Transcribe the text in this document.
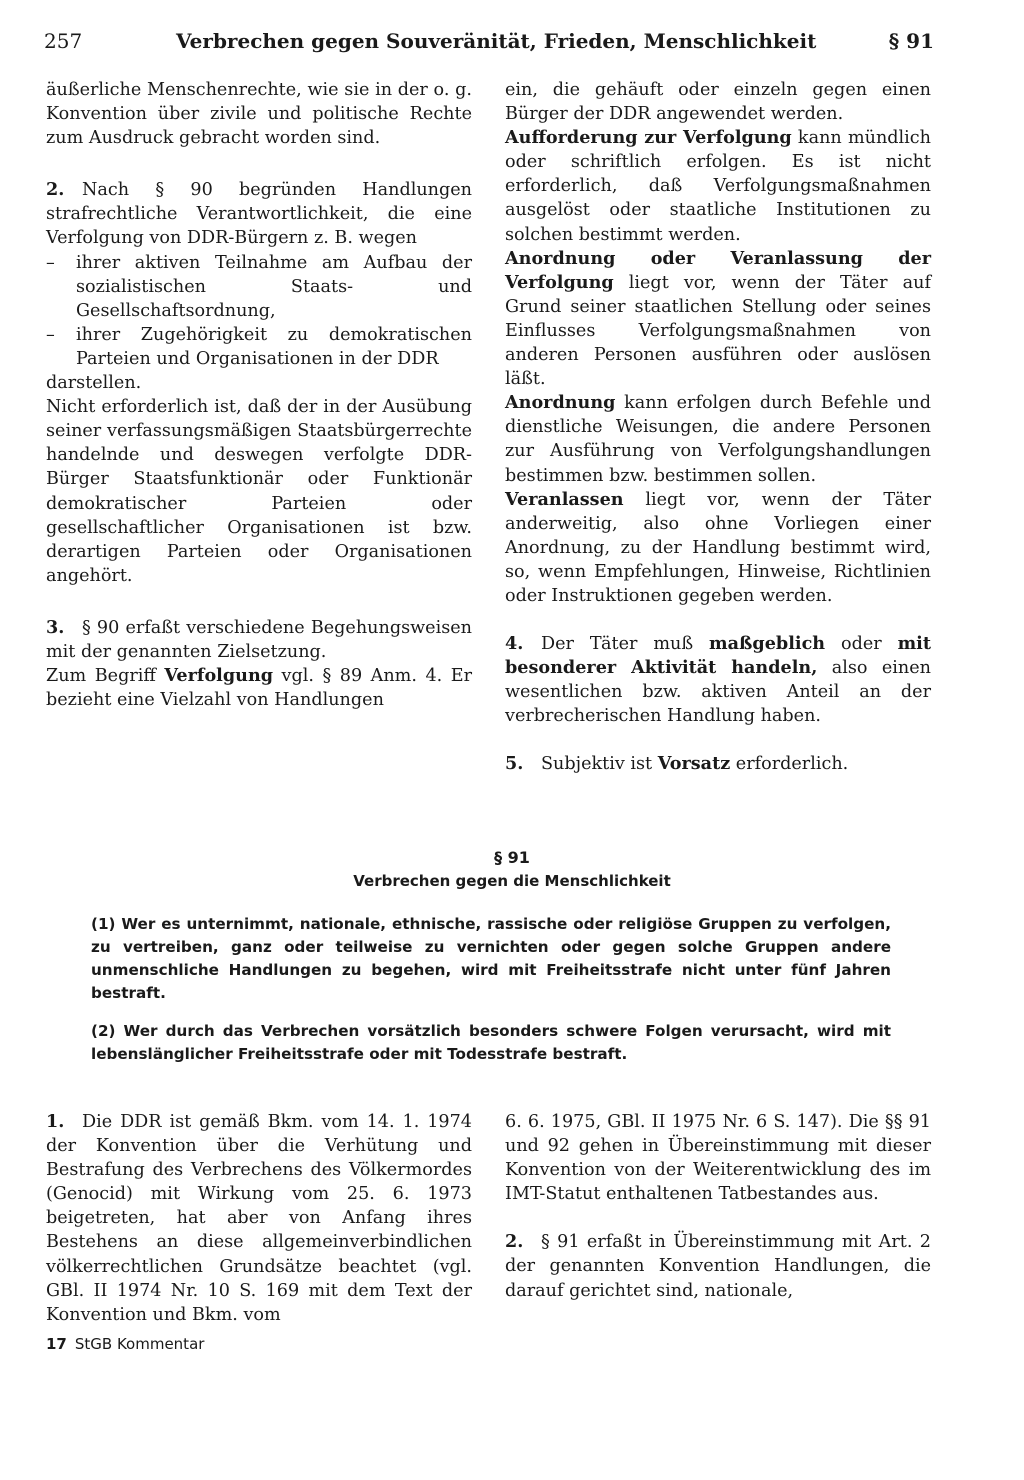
257	Verbrechen gegen Souveränität, Frieden, Menschlichkeit	§ 91

äußerliche Menschenrechte, wie sie in der o. g. Konvention über zivile und politische Rechte zum Ausdruck gebracht worden sind.

2. Nach § 90 begründen Handlungen strafrechtliche Verantwortlichkeit, die eine Verfolgung von DDR-Bürgern z. B. wegen

– ihrer aktiven Teilnahme am Aufbau der sozialistischen Staats- und Gesellschaftsordnung,

– ihrer Zugehörigkeit zu demokratischen Parteien und Organisationen in der DDR

darstellen.

Nicht erforderlich ist, daß der in der Ausübung seiner verfassungsmäßigen Staatsbürgerrechte handelnde und deswegen verfolgte DDR-Bürger Staatsfunktionär oder Funktionär demokratischer Parteien oder gesellschaftlicher Organisationen ist bzw. derartigen Parteien oder Organisationen angehört.

3. § 90 erfaßt verschiedene Begehungsweisen mit der genannten Zielsetzung.

Zum Begriff Verfolgung vgl. § 89 Anm. 4. Er bezieht eine Vielzahl von Handlungen

ein, die gehäuft oder einzeln gegen einen Bürger der DDR angewendet werden.

Aufforderung zur Verfolgung kann mündlich oder schriftlich erfolgen. Es ist nicht erforderlich, daß Verfolgungsmaßnahmen ausgelöst oder staatliche Institutionen zu solchen bestimmt werden.

Anordnung oder Veranlassung der Verfolgung liegt vor, wenn der Täter auf Grund seiner staatlichen Stellung oder seines Einflusses Verfolgungsmaßnahmen von anderen Personen ausführen oder auslösen läßt.

Anordnung kann erfolgen durch Befehle und dienstliche Weisungen, die andere Personen zur Ausführung von Verfolgungshandlungen bestimmen bzw. bestimmen sollen.

Veranlassen liegt vor, wenn der Täter anderweitig, also ohne Vorliegen einer Anordnung, zu der Handlung bestimmt wird, so, wenn Empfehlungen, Hinweise, Richtlinien oder Instruktionen gegeben werden.

4. Der Täter muß maßgeblich oder mit besonderer Aktivität handeln, also einen wesentlichen bzw. aktiven Anteil an der verbrecherischen Handlung haben.

5. Subjektiv ist Vorsatz erforderlich.

§ 91
Verbrechen gegen die Menschlichkeit
(1) Wer es unternimmt, nationale, ethnische, rassische oder religiöse Gruppen zu verfolgen, zu vertreiben, ganz oder teilweise zu vernichten oder gegen solche Gruppen andere unmenschliche Handlungen zu begehen, wird mit Freiheitsstrafe nicht unter fünf Jahren bestraft.
(2) Wer durch das Verbrechen vorsätzlich besonders schwere Folgen verursacht, wird mit lebenslänglicher Freiheitsstrafe oder mit Todesstrafe bestraft.

1. Die DDR ist gemäß Bkm. vom 14. 1. 1974 der Konvention über die Verhütung und Bestrafung des Verbrechens des Völkermordes (Genocid) mit Wirkung vom 25. 6. 1973 beigetreten, hat aber von Anfang ihres Bestehens an diese allgemeinverbindlichen völkerrechtlichen Grundsätze beachtet (vgl. GBl. II 1974 Nr. 10 S. 169 mit dem Text der Konvention und Bkm. vom

6. 6. 1975, GBl. II 1975 Nr. 6 S. 147). Die §§ 91 und 92 gehen in Übereinstimmung mit dieser Konvention von der Weiterentwicklung des im IMT-Statut enthaltenen Tatbestandes aus.

2. § 91 erfaßt in Übereinstimmung mit Art. 2 der genannten Konvention Handlungen, die darauf gerichtet sind, nationale,

17 StGB Kommentar
